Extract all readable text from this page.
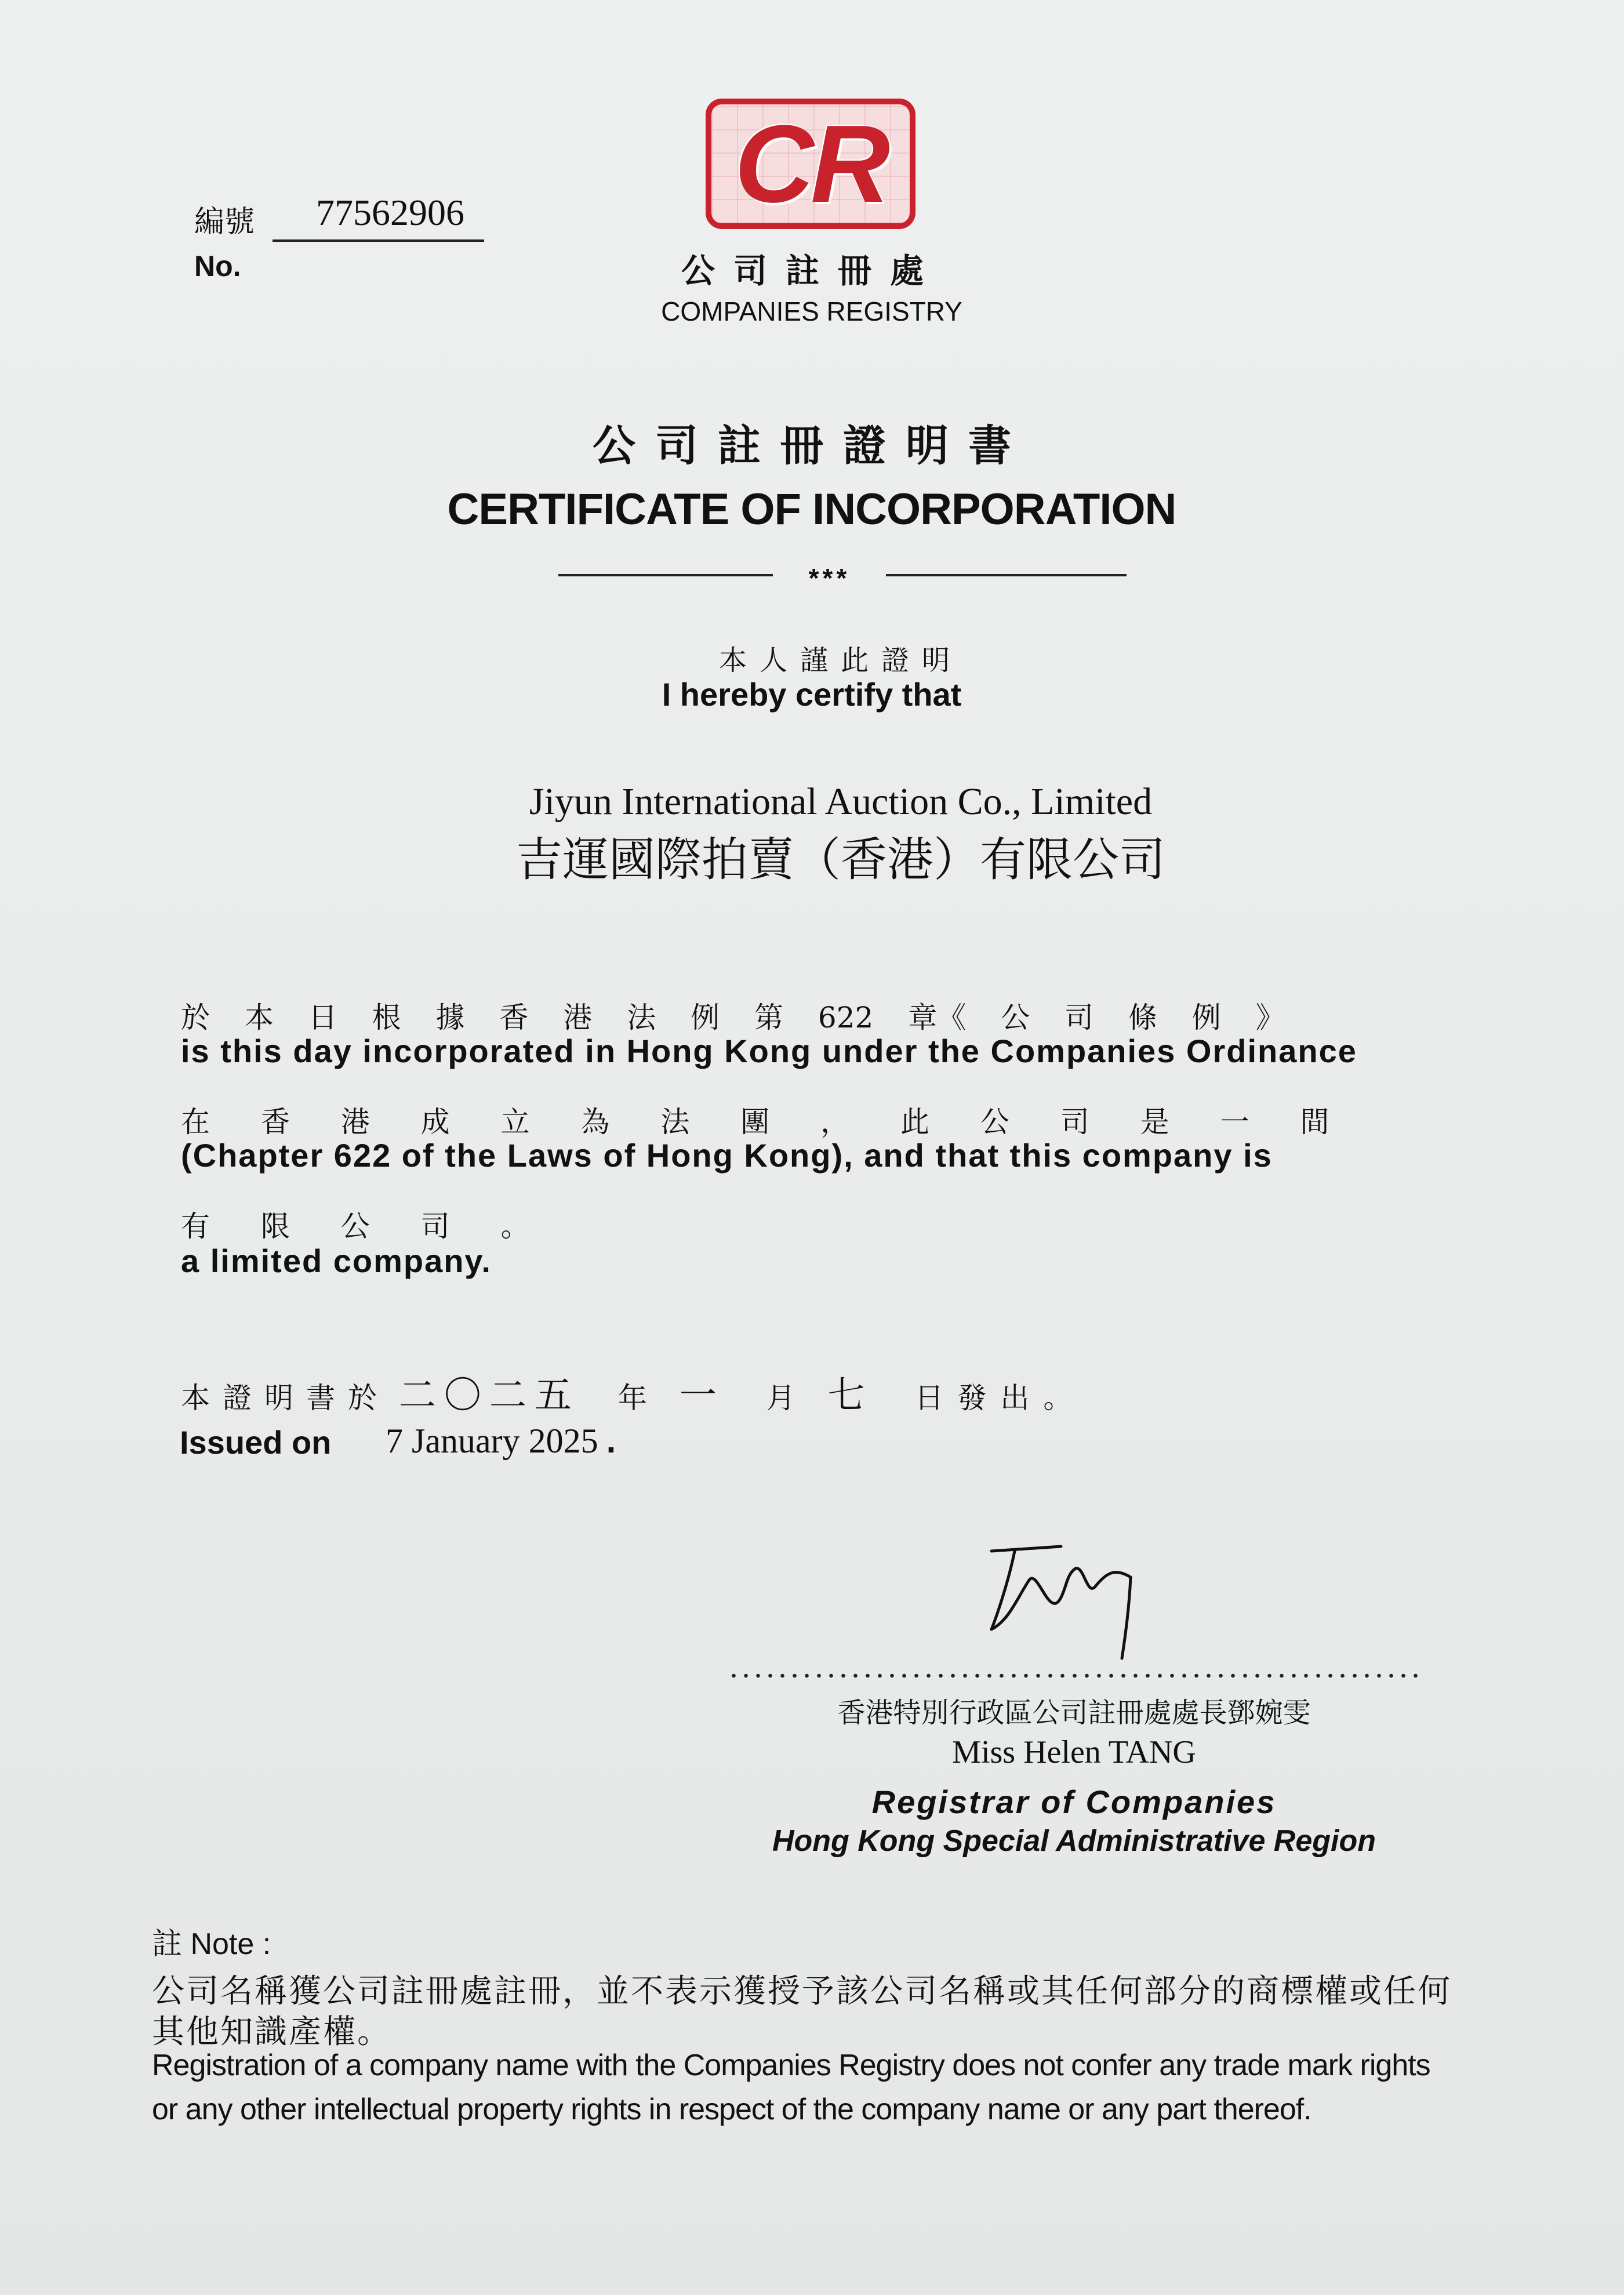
編號
No.
77562906 CR
公司註冊處
COMPANIES REGISTRY
公司註冊證明書
CERTIFICATE OF INCORPORATION
***
本人謹此證明
I hereby certify that
Jiyun International Auction Co., Limited
吉運國際拍賣（香港）有限公司
於 本 日 根 據 香 港 法 例 第 622 章《 公 司 條 例 》
is this day incorporated in Hong Kong under the Companies Ordinance
在 香 港 成 立 為 法 團 ， 此 公 司 是 一 間
(Chapter 622 of the Laws of Hong Kong), and that this company is
有 限 公 司 。
a limited company.
本證明書於 二〇二五 年 一 月 七 日發出。
Issued on 7 January 2025 .
香港特別行政區公司註冊處處長鄧婉雯
Miss Helen TANG
Registrar of Companies
Hong Kong Special Administrative Region
註 Note :
公司名稱獲公司註冊處註冊，並不表示獲授予該公司名稱或其任何部分的商標權或任何
其他知識產權。
Registration of a company name with the Companies Registry does not confer any trade mark rights
or any other intellectual property rights in respect of the company name or any part thereof.
